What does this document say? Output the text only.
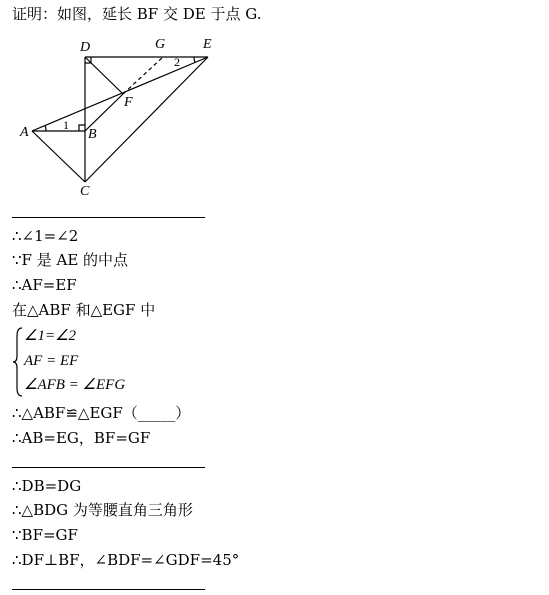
证明：如图，延长 BF 交 DE 于点 G.
D	G	E
F
A	B
C
1
2
∴∠1=∠2
∵F 是 AE 的中点
∴AF=EF
在△ABF 和△EGF 中
∠1=∠2
AF = EF
∠AFB = ∠EFG
∴△ABF≌△EGF（_____）
∴AB=EG，BF=GF
∴DB=DG
∴△BDG 为等腰直角三角形
∵BF=GF
∴DF⊥BF，∠BDF=∠GDF=45°
